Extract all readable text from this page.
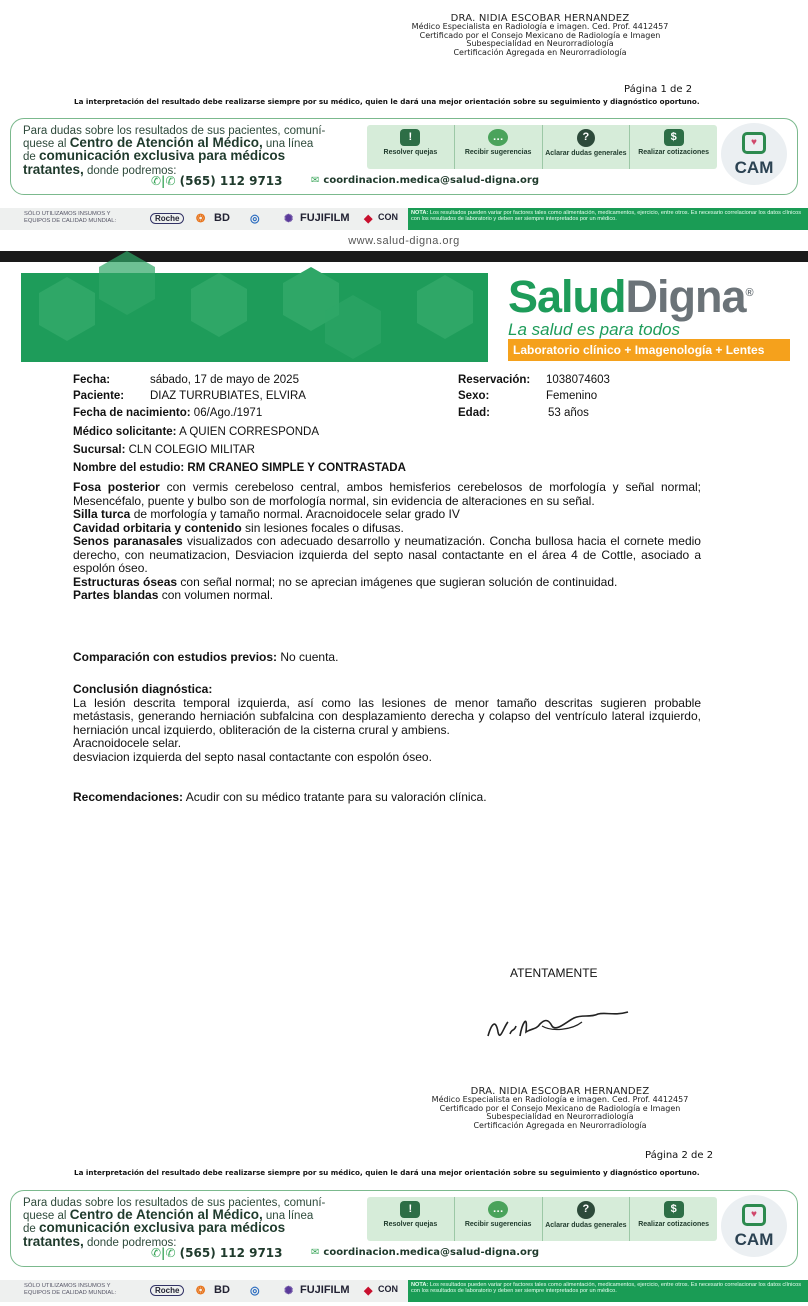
DRA. NIDIA ESCOBAR HERNANDEZ
Médico Especialista en Radiología e imagen. Ced. Prof. 4412457
Certificado por el Consejo Mexicano de Radiología e Imagen
Subespecialidad en Neurorradiología
Certificación Agregada en Neurorradiología
Página 1 de 2
La interpretación del resultado debe realizarse siempre por su médico, quien le dará una mejor orientación sobre su seguimiento y diagnóstico oportuno.
Para dudas sobre los resultados de sus pacientes, comuní-
quese al Centro de Atención al Médico, una línea
de comunicación exclusiva para médicos
tratantes, donde podremos:
✆|✆ (565) 112 9713	✉ coordinacion.medica@salud-digna.org
!
Resolver quejas
…
Recibir sugerencias
?
Aclarar dudas generales
$
Realizar cotizaciones
♥
CAM
SÓLO UTILIZAMOS INSUMOS Y
EQUIPOS DE CALIDAD MUNDIAL:	Roche	❂ BD ◎ ✺ FUJIFILM ◆ CON	NOTA: Los resultados pueden variar por factores tales como alimentación, medicamentos, ejercicio, entre otros. Es necesario correlacionar los datos clínicos con los resultados de laboratorio y deben ser siempre interpretados por un médico.
www.salud-digna.org
SaludDigna®
La salud es para todos
Laboratorio clínico + Imagenología + Lentes
Fecha:	sábado, 17 de mayo de 2025
Paciente: DIAZ TURRUBIATES, ELVIRA
Fecha de nacimiento: 06/Ago./1971
Médico solicitante: A QUIEN CORRESPONDA
Sucursal: CLN COLEGIO MILITAR
Nombre del estudio: RM CRANEO SIMPLE Y CONTRASTADA
Reservación: 1038074603
Sexo:	Femenino
Edad:	53 años

Fosa posterior con vermis cerebeloso central, ambos hemisferios cerebelosos de morfología y señal normal; Mesencéfalo, puente y bulbo son de morfología normal, sin evidencia de alteraciones en su señal.

Silla turca de morfología y tamaño normal. Aracnoidocele selar grado IV

Cavidad orbitaria y contenido sin lesiones focales o difusas.

Senos paranasales visualizados con adecuado desarrollo y neumatización. Concha bullosa hacia el cornete medio derecho, con neumatizacion, Desviacion izquierda del septo nasal contactante en el área 4 de Cottle, asociado a espolón óseo.

Estructuras óseas con señal normal; no se aprecian imágenes que sugieran solución de continuidad.

Partes blandas con volumen normal.

Comparación con estudios previos: No cuenta.

Conclusión diagnóstica:

La lesión descrita temporal izquierda, así como las lesiones de menor tamaño descritas sugieren probable metástasis, generando herniación subfalcina con desplazamiento derecha y colapso del ventrículo lateral izquierdo, herniación uncal izquierdo, obliteración de la cisterna crural y ambiens.

Aracnoidocele selar.

desviacion izquierda del septo nasal contactante con espolón óseo.

Recomendaciones: Acudir con su médico tratante para su valoración clínica.
ATENTAMENTE
DRA. NIDIA ESCOBAR HERNANDEZ
Médico Especialista en Radiología e imagen. Ced. Prof. 4412457
Certificado por el Consejo Mexicano de Radiología e Imagen
Subespecialidad en Neurorradiología
Certificación Agregada en Neurorradiología
Página 2 de 2
La interpretación del resultado debe realizarse siempre por su médico, quien le dará una mejor orientación sobre su seguimiento y diagnóstico oportuno.
Para dudas sobre los resultados de sus pacientes, comuní-
quese al Centro de Atención al Médico, una línea
de comunicación exclusiva para médicos
tratantes, donde podremos:
✆|✆ (565) 112 9713	✉ coordinacion.medica@salud-digna.org
!
Resolver quejas
…
Recibir sugerencias
?
Aclarar dudas generales
$
Realizar cotizaciones
♥
CAM
SÓLO UTILIZAMOS INSUMOS Y
EQUIPOS DE CALIDAD MUNDIAL:	Roche	❂ BD ◎ ✺ FUJIFILM ◆ CON	NOTA: Los resultados pueden variar por factores tales como alimentación, medicamentos, ejercicio, entre otros. Es necesario correlacionar los datos clínicos con los resultados de laboratorio y deben ser siempre interpretados por un médico.
